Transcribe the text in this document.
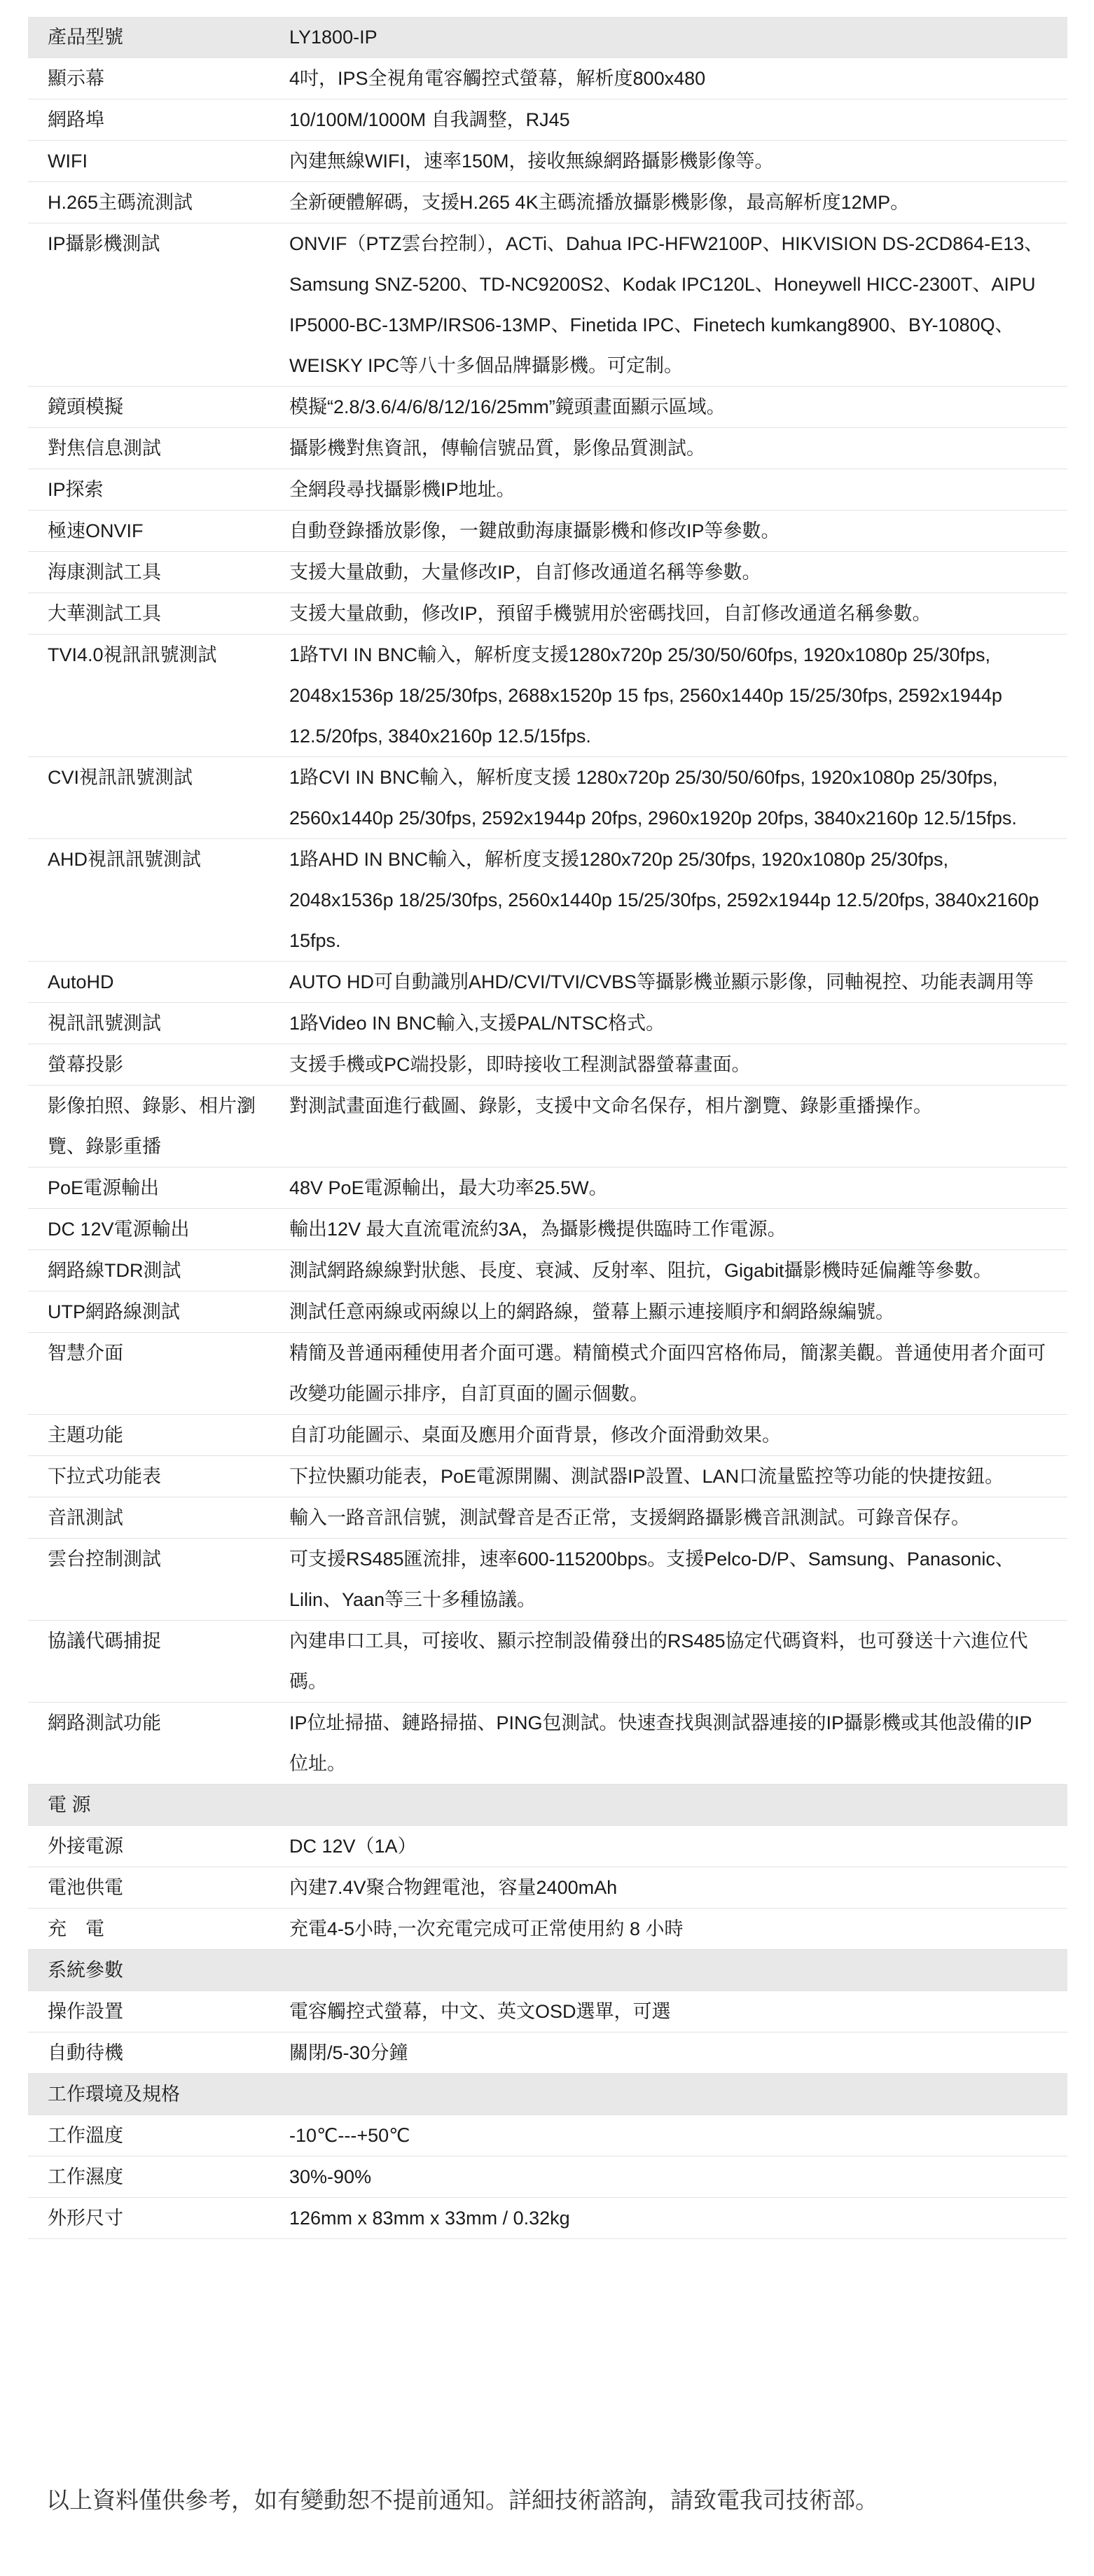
產品型號	LY1800-IP
顯示幕	4吋，IPS全視角電容觸控式螢幕，解析度800x480
網路埠	10/100M/1000M 自我調整，RJ45
WIFI	內建無線WIFI，速率150M，接收無線網路攝影機影像等。
H.265主碼流測試	全新硬體解碼，支援H.265 4K主碼流播放攝影機影像，最高解析度12MP。
IP攝影機測試	ONVIF（PTZ雲台控制），ACTi、Dahua IPC-HFW2100P、HIKVISION DS-2CD864-E13、Samsung SNZ-5200、TD-NC9200S2、Kodak IPC120L、Honeywell HICC-2300T、AIPU IP5000-BC-13MP/IRS06-13MP、Finetida IPC、Finetech kumkang8900、BY-1080Q、WEISKY IPC等八十多個品牌攝影機。可定制。
鏡頭模擬	模擬“2.8/3.6/4/6/8/12/16/25mm”鏡頭畫面顯示區域。
對焦信息測試	攝影機對焦資訊，傳輸信號品質，影像品質測試。
IP探索	全網段尋找攝影機IP地址。
極速ONVIF	自動登錄播放影像，一鍵啟動海康攝影機和修改IP等參數。
海康測試工具	支援大量啟動，大量修改IP，自訂修改通道名稱等參數。
大華測試工具	支援大量啟動，修改IP，預留手機號用於密碼找回，自訂修改通道名稱參數。
TVI4.0視訊訊號測試	1路TVI IN BNC輸入，解析度支援1280x720p 25/30/50/60fps, 1920x1080p 25/30fps, 2048x1536p 18/25/30fps, 2688x1520p 15 fps, 2560x1440p 15/25/30fps, 2592x1944p 12.5/20fps, 3840x2160p 12.5/15fps.
CVI視訊訊號測試	1路CVI IN BNC輸入，解析度支援 1280x720p 25/30/50/60fps, 1920x1080p 25/30fps, 2560x1440p 25/30fps, 2592x1944p 20fps, 2960x1920p 20fps, 3840x2160p 12.5/15fps.
AHD視訊訊號測試	1路AHD IN BNC輸入，解析度支援1280x720p 25/30fps, 1920x1080p 25/30fps, 2048x1536p 18/25/30fps, 2560x1440p 15/25/30fps, 2592x1944p 12.5/20fps, 3840x2160p 15fps.
AutoHD	AUTO HD可自動識別AHD/CVI/TVI/CVBS等攝影機並顯示影像，同軸視控、功能表調用等
視訊訊號測試	1路Video IN BNC輸入,支援PAL/NTSC格式。
螢幕投影	支援手機或PC端投影，即時接收工程測試器螢幕畫面。
影像拍照、錄影、相片瀏覽、錄影重播	對測試畫面進行截圖、錄影，支援中文命名保存，相片瀏覽、錄影重播操作。
PoE電源輸出	48V PoE電源輸出，最大功率25.5W。
DC 12V電源輸出	輸出12V 最大直流電流約3A，為攝影機提供臨時工作電源。
網路線TDR測試	測試網路線線對狀態、長度、衰減、反射率、阻抗，Gigabit攝影機時延偏離等參數。
UTP網路線測試	測試任意兩線或兩線以上的網路線，螢幕上顯示連接順序和網路線編號。
智慧介面	精簡及普通兩種使用者介面可選。精簡模式介面四宮格佈局，簡潔美觀。普通使用者介面可改變功能圖示排序，自訂頁面的圖示個數。
主題功能	自訂功能圖示、桌面及應用介面背景，修改介面滑動效果。
下拉式功能表	下拉快顯功能表，PoE電源開關、測試器IP設置、LAN口流量監控等功能的快捷按鈕。
音訊測試	輸入一路音訊信號，測試聲音是否正常，支援網路攝影機音訊測試。可錄音保存。
雲台控制測試	可支援RS485匯流排，速率600-115200bps。支援Pelco-D/P、Samsung、Panasonic、Lilin、Yaan等三十多種協議。
協議代碼捕捉	內建串口工具，可接收、顯示控制設備發出的RS485協定代碼資料，也可發送十六進位代碼。
網路測試功能	IP位址掃描、鏈路掃描、PING包測試。快速查找與測試器連接的IP攝影機或其他設備的IP位址。
電 源	
外接電源	DC 12V（1A）
電池供電	內建7.4V聚合物鋰電池，容量2400mAh
充　電	充電4-5小時,一次充電完成可正常使用約 8 小時
系統參數	
操作設置	電容觸控式螢幕，中文、英文OSD選單，可選
自動待機	關閉/5-30分鐘
工作環境及規格	
工作溫度	-10℃---+50℃
工作濕度	30%-90%
外形尺寸	126mm x 83mm x 33mm / 0.32kg
以上資料僅供參考，如有變動恕不提前通知。詳細技術諮詢，請致電我司技術部。
